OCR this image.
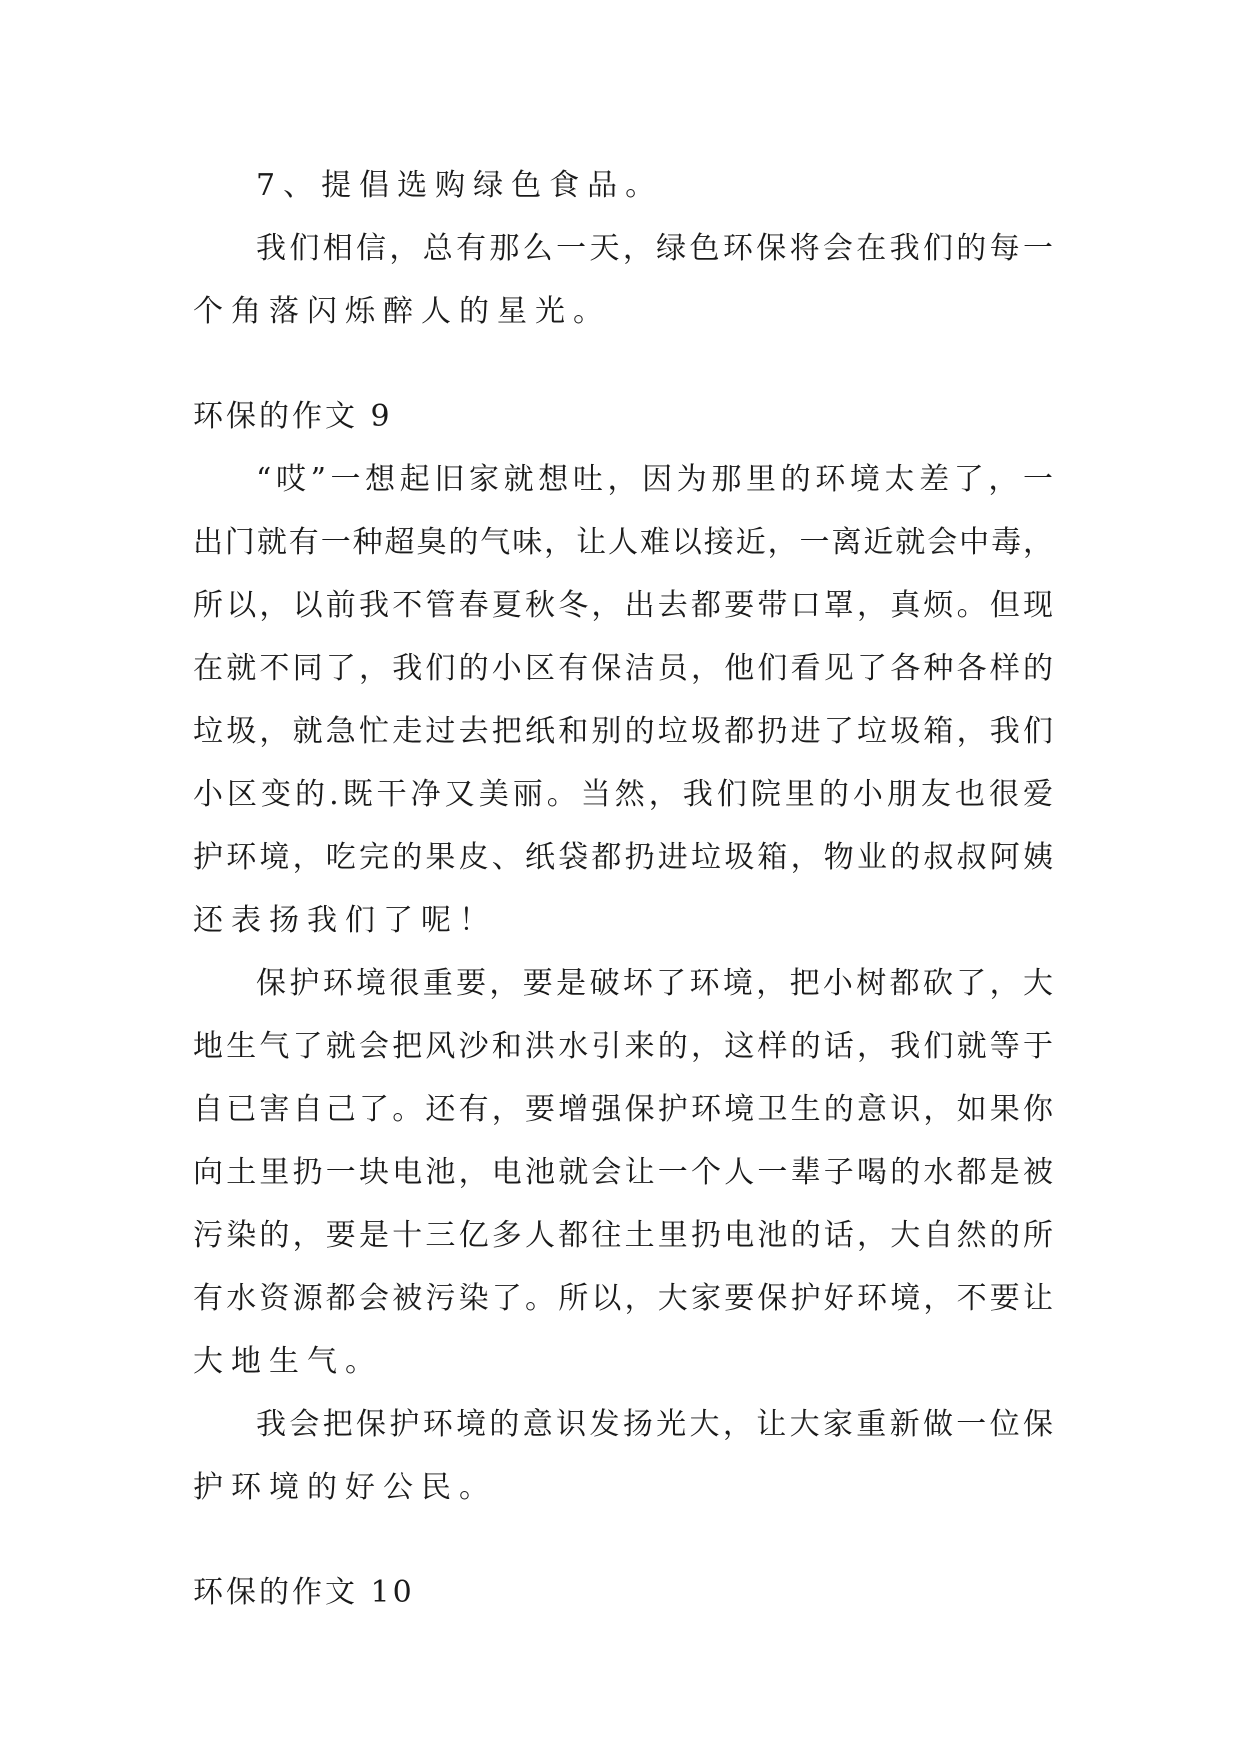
7、提倡选购绿色食品。
我们相信，总有那么一天，绿色环保将会在我们的每一
个角落闪烁醉人的星光。
环保的作文 9
“哎”一想起旧家就想吐，因为那里的环境太差了，一
出门就有一种超臭的气味，让人难以接近，一离近就会中毒，
所以，以前我不管春夏秋冬，出去都要带口罩，真烦。但现
在就不同了，我们的小区有保洁员，他们看见了各种各样的
垃圾，就急忙走过去把纸和别的垃圾都扔进了垃圾箱，我们
小区变的.既干净又美丽。当然，我们院里的小朋友也很爱
护环境，吃完的果皮、纸袋都扔进垃圾箱，物业的叔叔阿姨
还表扬我们了呢！
保护环境很重要，要是破坏了环境，把小树都砍了，大
地生气了就会把风沙和洪水引来的，这样的话，我们就等于
自已害自己了。还有，要增强保护环境卫生的意识，如果你
向土里扔一块电池，电池就会让一个人一辈子喝的水都是被
污染的，要是十三亿多人都往土里扔电池的话，大自然的所
有水资源都会被污染了。所以，大家要保护好环境，不要让
大地生气。
我会把保护环境的意识发扬光大，让大家重新做一位保
护环境的好公民。
环保的作文 10
